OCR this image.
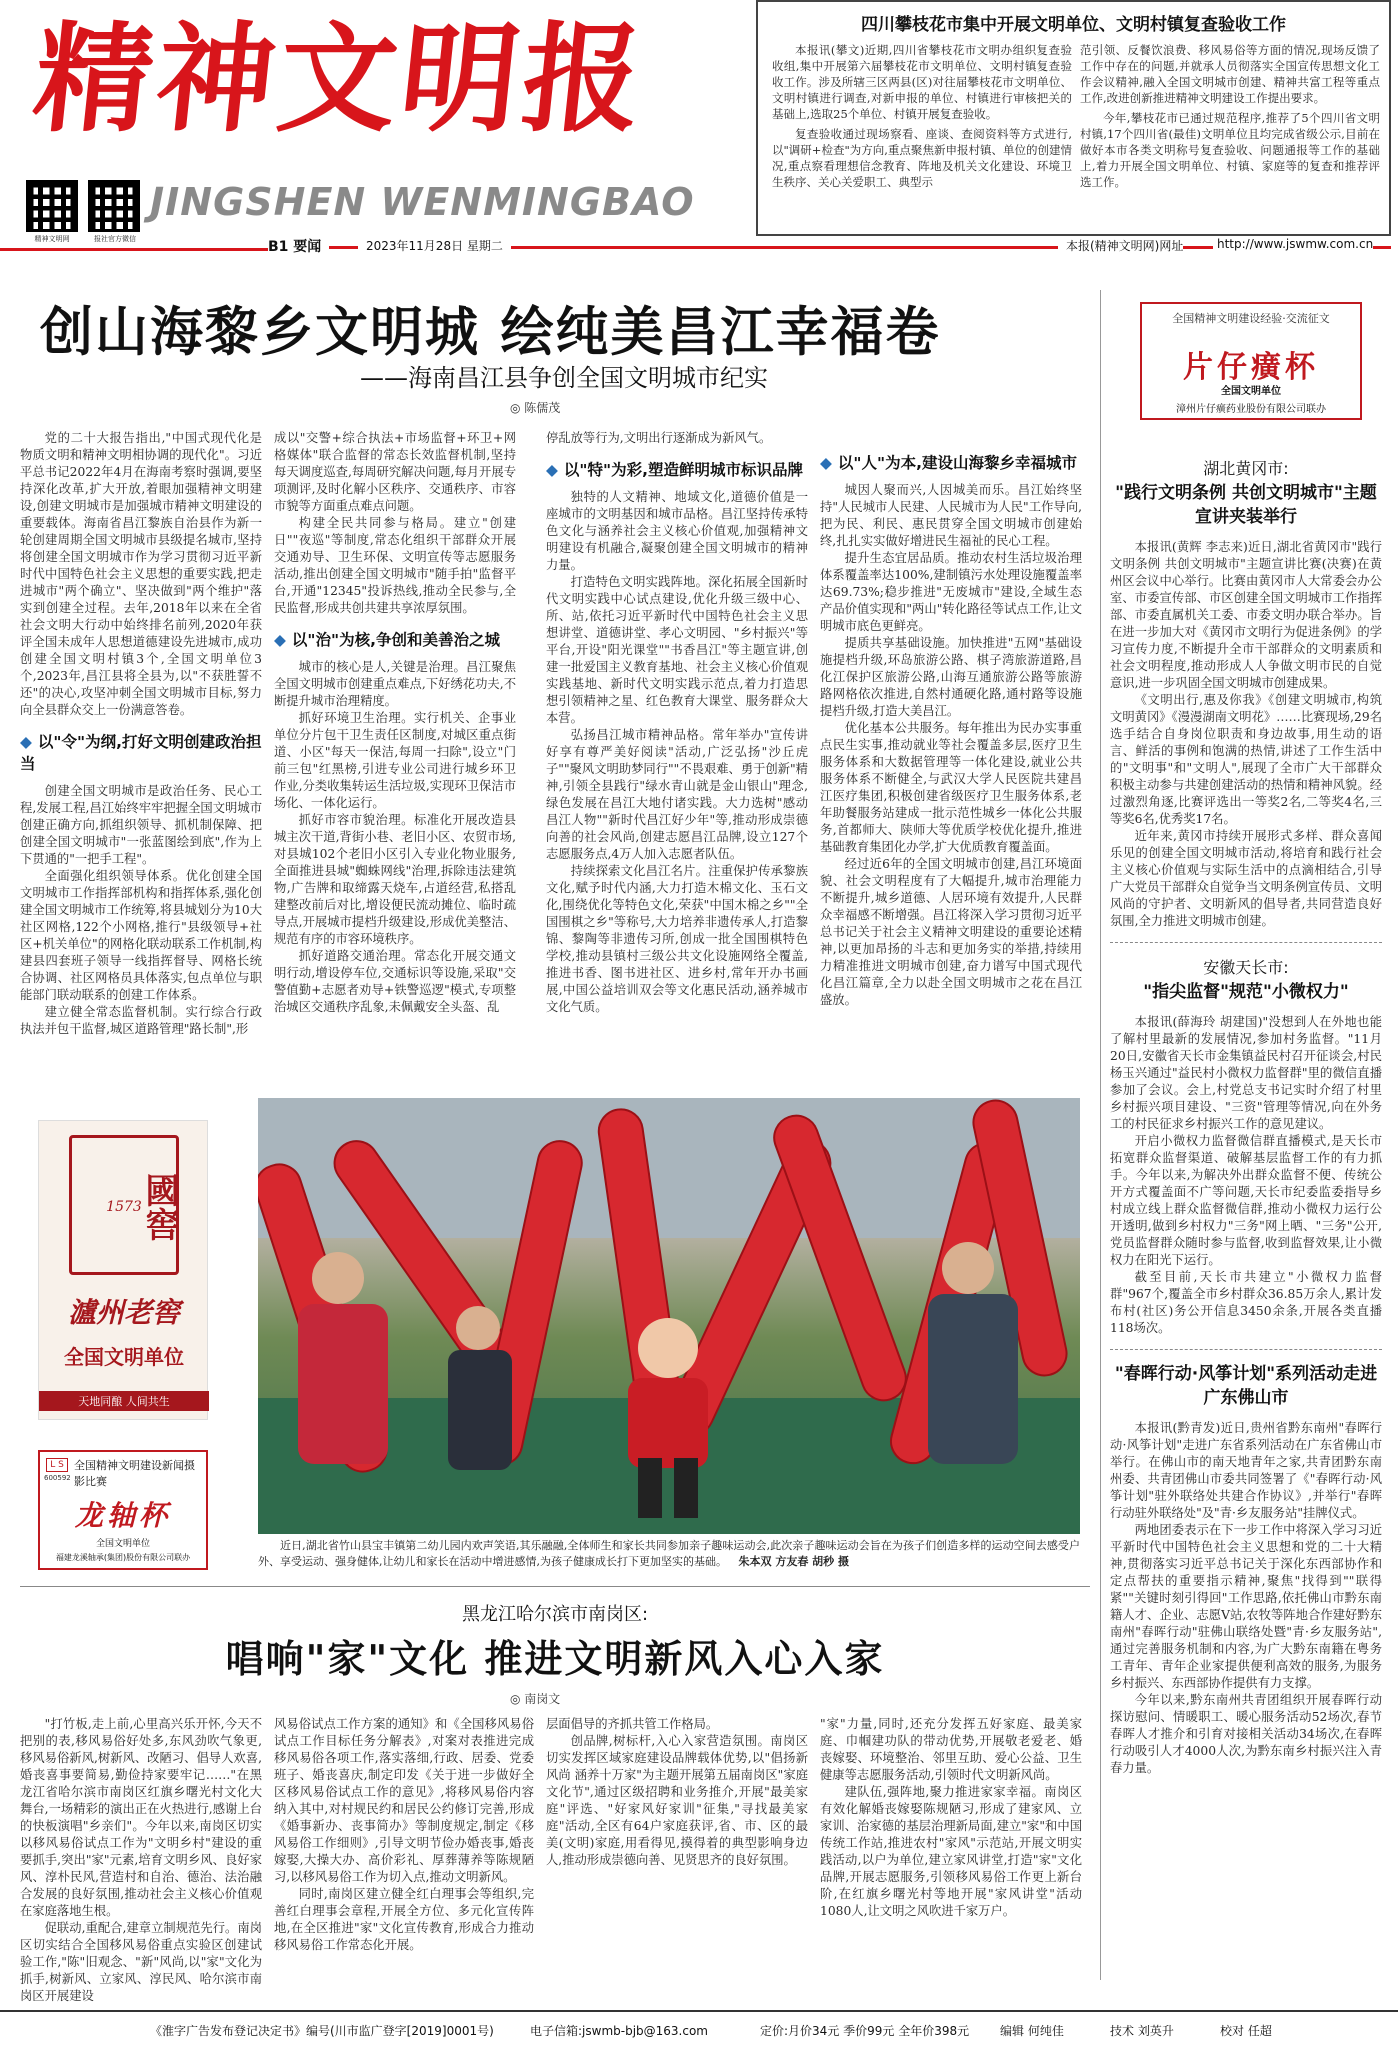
精神文明报
精神文明网	报社官方微信
JINGSHEN WENMINGBAO
四川攀枝花市集中开展文明单位、文明村镇复查验收工作

本报讯(攀文)近期,四川省攀枝花市文明办组织复查验收组,集中开展第六届攀枝花市文明单位、文明村镇复查验收工作。涉及所辖三区两县(区)对往届攀枝花市文明单位、文明村镇进行调查,对新申报的单位、村镇进行审核把关的基础上,选取25个单位、村镇开展复查验收。

复查验收通过现场察看、座谈、查阅资料等方式进行,以"调研+检查"为方向,重点聚焦新申报村镇、单位的创建情况,重点察看理想信念教育、阵地及机关文化建设、环境卫生秩序、关心关爱职工、典型示

范引领、反餐饮浪费、移风易俗等方面的情况,现场反馈了工作中存在的问题,并就承人员彻落实全国宣传思想文化工作会议精神,融入全国文明城市创建、精神共富工程等重点工作,改进创新推进精神文明建设工作提出要求。

今年,攀枝花市已通过规范程序,推荐了5个四川省文明村镇,17个四川省(最佳)文明单位且均完成省级公示,目前在做好本市各类文明称号复查验收、问题通报等工作的基础上,着力开展全国文明单位、村镇、家庭等的复查和推荐评选工作。

B1 要闻	2023年11月28日 星期二	本报(精神文明网)网址	http://www.jswmw.com.cn
创山海黎乡文明城 绘纯美昌江幸福卷
——海南昌江县争创全国文明城市纪实
◎ 陈儒茂

党的二十大报告指出,"中国式现代化是物质文明和精神文明相协调的现代化"。习近平总书记2022年4月在海南考察时强调,要坚持深化改革,扩大开放,着眼加强精神文明建设,创建文明城市是加强城市精神文明建设的重要载体。海南省昌江黎族自治县作为新一轮创建周期全国文明城市县级提名城市,坚持将创建全国文明城市作为学习贯彻习近平新时代中国特色社会主义思想的重要实践,把走进城市"两个确立"、坚决做到"两个维护"落实到创建全过程。去年,2018年以来在全省社会文明大行动中始终排名前列,2020年获评全国未成年人思想道德建设先进城市,成功创建全国文明村镇3个,全国文明单位3个,2023年,昌江县将全县为,以"不获胜誓不还"的决心,攻坚冲刺全国文明城市目标,努力向全县群众交上一份满意答卷。

◆ 以"令"为纲,打好文明创建政治担当

创建全国文明城市是政治任务、民心工程,发展工程,昌江始终牢牢把握全国文明城市创建正确方向,抓组织领导、抓机制保障、把创建全国文明城市"一张蓝图绘到底",作为上下贯通的"一把手工程"。

全面强化组织领导体系。优化创建全国文明城市工作指挥部机构和指挥体系,强化创建全国文明城市工作统筹,将县城划分为10大社区网格,122个小网格,推行"县级领导+社区+机关单位"的网格化联动联系工作机制,构建县四套班子领导一线指挥督导、网格长统合协调、社区网格员具体落实,包点单位与职能部门联动联系的创建工作体系。

建立健全常态监督机制。实行综合行政执法并包干监督,城区道路管理"路长制",形

成以"交警+综合执法+市场监督+环卫+网格媒体"联合监督的常态长效监督机制,坚持每天调度巡查,每周研究解决问题,每月开展专项测评,及时化解小区秩序、交通秩序、市容市貌等方面重点难点问题。

构建全民共同参与格局。建立"创建日""夜巡"等制度,常态化组织干部群众开展交通劝导、卫生环保、文明宣传等志愿服务活动,推出创建全国文明城市"随手拍"监督平台,开通"12345"投诉热线,推动全民参与,全民监督,形成共创共建共享浓厚氛围。

◆ 以"治"为核,争创和美善治之城

城市的核心是人,关键是治理。昌江聚焦全国文明城市创建重点难点,下好绣花功夫,不断提升城市治理精度。

抓好环境卫生治理。实行机关、企事业单位分片包干卫生责任区制度,对城区重点街道、小区"每天一保洁,每周一扫除",设立"门前三包"红黑榜,引进专业公司进行城乡环卫作业,分类收集转运生活垃圾,实现环卫保洁市场化、一体化运行。

抓好市容市貌治理。标准化开展改造县城主次干道,背街小巷、老旧小区、农贸市场,对县城102个老旧小区引入专业化物业服务,全面推进县城"蜘蛛网线"治理,拆除违法建筑物,广告牌和取缔露天烧车,占道经营,私搭乱建整改前后对比,增设便民流动摊位、临时疏导点,开展城市提档升级建设,形成优美整洁、规范有序的市容环境秩序。

抓好道路交通治理。常态化开展交通文明行动,增设停车位,交通标识等设施,采取"交警值勤+志愿者劝导+铁警巡逻"模式,专项整治城区交通秩序乱象,未佩戴安全头盔、乱

停乱放等行为,文明出行逐渐成为新风气。

◆ 以"特"为彩,塑造鲜明城市标识品牌

独特的人文精神、地域文化,道德价值是一座城市的文明基因和城市品格。昌江坚持传承特色文化与涵养社会主义核心价值观,加强精神文明建设有机融合,凝聚创建全国文明城市的精神力量。

打造特色文明实践阵地。深化拓展全国新时代文明实践中心试点建设,优化升级三级中心、所、站,依托习近平新时代中国特色社会主义思想讲堂、道德讲堂、孝心文明园、"乡村振兴"等平台,开设"阳光课堂""书香昌江"等主题宣讲,创建一批爱国主义教育基地、社会主义核心价值观实践基地、新时代文明实践示范点,着力打造思想引领精神之星、红色教育大课堂、服务群众大本营。

弘扬昌江城市精神品格。常年举办"宣传讲好享有尊严美好阅读"活动,广泛弘扬"沙丘虎子""聚风文明助梦同行""不畏艰难、勇于创新"精神,引领全县践行"绿水青山就是金山银山"理念,绿色发展在昌江大地付诸实践。大力选树"感动昌江人物""新时代昌江好少年"等,推动形成崇德向善的社会风尚,创建志愿昌江品牌,设立127个志愿服务点,4万人加入志愿者队伍。

持续探索文化昌江名片。注重保护传承黎族文化,赋予时代内涵,大力打造木棉文化、玉石文化,围绕优化等特色文化,荣获"中国木棉之乡""全国围棋之乡"等称号,大力培养非遗传承人,打造黎锦、黎陶等非遗传习所,创成一批全国围棋特色学校,推动县镇村三级公共文化设施网络全覆盖,推进书香、图书进社区、进乡村,常年开办书画展,中国公益培训双会等文化惠民活动,涵养城市文化气质。

◆ 以"人"为本,建设山海黎乡幸福城市

城因人聚而兴,人因城美而乐。昌江始终坚持"人民城市人民建、人民城市为人民"工作导向,把为民、利民、惠民贯穿全国文明城市创建始终,扎扎实实做好增进民生福祉的民心工程。

提升生态宜居品质。推动农村生活垃圾治理体系覆盖率达100%,建制镇污水处理设施覆盖率达69.73%;稳步推进"无废城市"建设,全域生态产品价值实现和"两山"转化路径等试点工作,让文明城市底色更鲜亮。

提质共享基础设施。加快推进"五网"基础设施提档升级,环岛旅游公路、棋子湾旅游道路,昌化江保护区旅游公路,山海互通旅游公路等旅游路网格依次推进,自然村通硬化路,通村路等设施提档升级,打造大美昌江。

优化基本公共服务。每年推出为民办实事重点民生实事,推动就业等社会覆盖多层,医疗卫生服务体系和大数据管理等一体化建设,就业公共服务体系不断健全,与武汉大学人民医院共建昌江医疗集团,积极创建省级医疗卫生服务体系,老年助餐服务站建成一批示范性城乡一体化公共服务,首都师大、陕师大等优质学校优化提升,推进基础教育集团化办学,扩大优质教育覆盖面。

经过近6年的全国文明城市创建,昌江环境面貌、社会文明程度有了大幅提升,城市治理能力不断提升,城乡道德、人居环境有效提升,人民群众幸福感不断增强。昌江将深入学习贯彻习近平总书记关于社会主义精神文明建设的重要论述精神,以更加昂扬的斗志和更加务实的举措,持续用力精准推进文明城市创建,奋力谱写中国式现代化昌江篇章,全力以赴全国文明城市之花在昌江盛放。

全国精神文明建设经验·交流征文
片仔癀杯
全国文明单位
漳州片仔癀药业股份有限公司联办
湖北黄冈市:
"践行文明条例 共创文明城市"主题宣讲夹装举行

本报讯(黄辉 李志来)近日,湖北省黄冈市"践行文明条例 共创文明城市"主题宣讲比赛(决赛)在黄州区会议中心举行。比赛由黄冈市人大常委会办公室、市委宣传部、市区创建全国文明城市工作指挥部、市委直属机关工委、市委文明办联合举办。旨在进一步加大对《黄冈市文明行为促进条例》的学习宣传力度,不断提升全市干部群众的文明素质和社会文明程度,推动形成人人争做文明市民的自觉意识,进一步巩固全国文明城市创建成果。

《文明出行,惠及你我》《创建文明城市,构筑文明黄冈》《漫漫湖南文明花》……比赛现场,29名选手结合自身岗位职责和身边故事,用生动的语言、鲜活的事例和饱满的热情,讲述了工作生活中的"文明事"和"文明人",展现了全市广大干部群众积极主动参与共建创建活动的热情和精神风貌。经过激烈角逐,比赛评选出一等奖2名,二等奖4名,三等奖6名,优秀奖17名。

近年来,黄冈市持续开展形式多样、群众喜闻乐见的创建全国文明城市活动,将培育和践行社会主义核心价值观与实际生活中的点滴相结合,引导广大党员干部群众自觉争当文明条例宣传员、文明风尚的守护者、文明新风的倡导者,共同营造良好氛围,全力推进文明城市创建。

安徽天长市:
"指尖监督"规范"小微权力"

本报讯(薛海玲 胡建国)"没想到人在外地也能了解村里最新的发展情况,参加村务监督。"11月20日,安徽省天长市金集镇益民村召开征谈会,村民杨玉兴通过"益民村小微权力监督群"里的微信直播参加了会议。会上,村党总支书记实时介绍了村里乡村振兴项目建设、"三资"管理等情况,向在外务工的村民征求乡村振兴工作的意见建议。

开启小微权力监督微信群直播模式,是天长市拓宽群众监督渠道、破解基层监督工作的有力抓手。今年以来,为解决外出群众监督不便、传统公开方式覆盖面不广等问题,天长市纪委监委指导乡村成立线上群众监督微信群,推动小微权力运行公开透明,做到乡村权力"三务"网上晒、"三务"公开,党员监督群众随时参与监督,收到监督效果,让小微权力在阳光下运行。

截至目前,天长市共建立"小微权力监督群"967个,覆盖全市乡村群众36.85万余人,累计发布村(社区)务公开信息3450余条,开展各类直播118场次。

"春晖行动·风筝计划"系列活动走进广东佛山市

本报讯(黔青发)近日,贵州省黔东南州"春晖行动·风筝计划"走进广东省系列活动在广东省佛山市举行。在佛山市的南天地青年之家,共青团黔东南州委、共青团佛山市委共同签署了《"春晖行动·风筝计划"驻外联络处共建合作协议》,并举行"春晖行动驻外联络处"及"青·乡友服务站"挂牌仪式。

两地团委表示在下一步工作中将深入学习习近平新时代中国特色社会主义思想和党的二十大精神,贯彻落实习近平总书记关于深化东西部协作和定点帮扶的重要指示精神,聚焦"找得到""联得紧""关键时刻引得回"工作思路,依托佛山市黔东南籍人才、企业、志愿V站,农牧等阵地合作建好黔东南州"春晖行动"驻佛山联络处暨"青·乡友服务站",通过完善服务机制和内容,为广大黔东南籍在粤务工青年、青年企业家提供便利高效的服务,为服务乡村振兴、东西部协作提供有力支撑。

今年以来,黔东南州共青团组织开展春晖行动探访慰问、情暖职工、暖心服务活动52场次,春节春晖人才推介和引育对接相关活动34场次,在春晖行动吸引人才4000人次,为黔东南乡村振兴注入青春力量。

國窖
1573
瀘州老窖
全国文明单位
天地同酿 人间共生
L S
600592
全国精神文明建设新闻摄影比赛
龙轴杯
全国文明单位
福建龙溪轴承(集团)股份有限公司联办
近日,湖北省竹山县宝丰镇第二幼儿园内欢声笑语,其乐融融,全体师生和家长共同参加亲子趣味运动会,此次亲子趣味运动会旨在为孩子们创造多样的运动空间去感受户外、享受运动、强身健体,让幼儿和家长在活动中增进感情,为孩子健康成长打下更加坚实的基础。 朱本双 方友春 胡秒 摄
黑龙江哈尔滨市南岗区:
唱响"家"文化 推进文明新风入心入家
◎ 南岗文

"打竹板,走上前,心里高兴乐开怀,今天不把别的表,移风易俗好处多,东风劲吹气象更,移风易俗新风,树新风、改陋习、倡导人欢喜,婚丧喜事要简易,勤俭持家要牢记……"在黑龙江省哈尔滨市南岗区红旗乡曙光村文化大舞台,一场精彩的演出正在火热进行,感谢上台的快板演唱"乡亲们"。今年以来,南岗区切实以移风易俗试点工作为"文明乡村"建设的重要抓手,突出"家"元素,培育文明乡风、良好家风、淳朴民风,营造村和自治、德治、法治融合发展的良好氛围,推动社会主义核心价值观在家庭落地生根。

促联动,重配合,建章立制规范先行。南岗区切实结合全国移风易俗重点实验区创建试验工作,"陈"旧观念、"新"风尚,以"家"文化为抓手,树新风、立家风、淳民风、哈尔滨市南岗区开展建设

风易俗试点工作方案的通知》和《全国移风易俗试点工作目标任务分解表》,对案对表推进完成移风易俗各项工作,落实落细,行政、居委、党委班子、婚丧喜庆,制定印发《关于进一步做好全区移风易俗试点工作的意见》,将移风易俗内容纳入其中,对村规民约和居民公约修订完善,形成《婚事新办、丧事简办》等制度规定,制定《移风易俗工作细则》,引导文明节俭办婚丧事,婚丧嫁娶,大操大办、高价彩礼、厚葬薄养等陈规陋习,以移风易俗工作为切入点,推动文明新风。

同时,南岗区建立健全红白理事会等组织,完善红白理事会章程,开展全方位、多元化宣传阵地,在全区推进"家"文化宣传教育,形成合力推动移风易俗工作常态化开展。

层面倡导的齐抓共管工作格局。

创品牌,树标杆,入心入家营造氛围。南岗区切实发挥区域家庭建设品牌载体优势,以"倡扬新风尚 涵养十万家"为主题开展第五届南岗区"家庭文化节",通过区级招聘和业务推介,开展"最美家庭"评选、"好家风好家训"征集,"寻找最美家庭"活动,全区有64户家庭获评,省、市、区的最美(文明)家庭,用看得见,摸得着的典型影响身边人,推动形成崇德向善、见贤思齐的良好氛围。

"家"力量,同时,还充分发挥五好家庭、最美家庭、巾帼建功队的带动优势,开展敬老爱老、婚丧嫁娶、环境整治、邻里互助、爱心公益、卫生健康等志愿服务活动,引领时代文明新风尚。

建队伍,强阵地,聚力推进家家幸福。南岗区有效化解婚丧嫁娶陈规陋习,形成了建家风、立家训、治家德的基层治理新局面,建立"家"和中国传统工作站,推进农村"家风"示范站,开展文明实践活动,以户为单位,建立家风讲堂,打造"家"文化品牌,开展志愿服务,引领移风易俗工作更上新台阶,在红旗乡曙光村等地开展"家风讲堂"活动1080人,让文明之风吹进千家万户。

《淮字广告发布登记决定书》编号(川市监广登字[2019]0001号)	电子信箱:jswmb-bjb@163.com	定价:月价34元 季价99元 全年价398元	编辑 何纯佳	技术 刘英升	校对 任超
